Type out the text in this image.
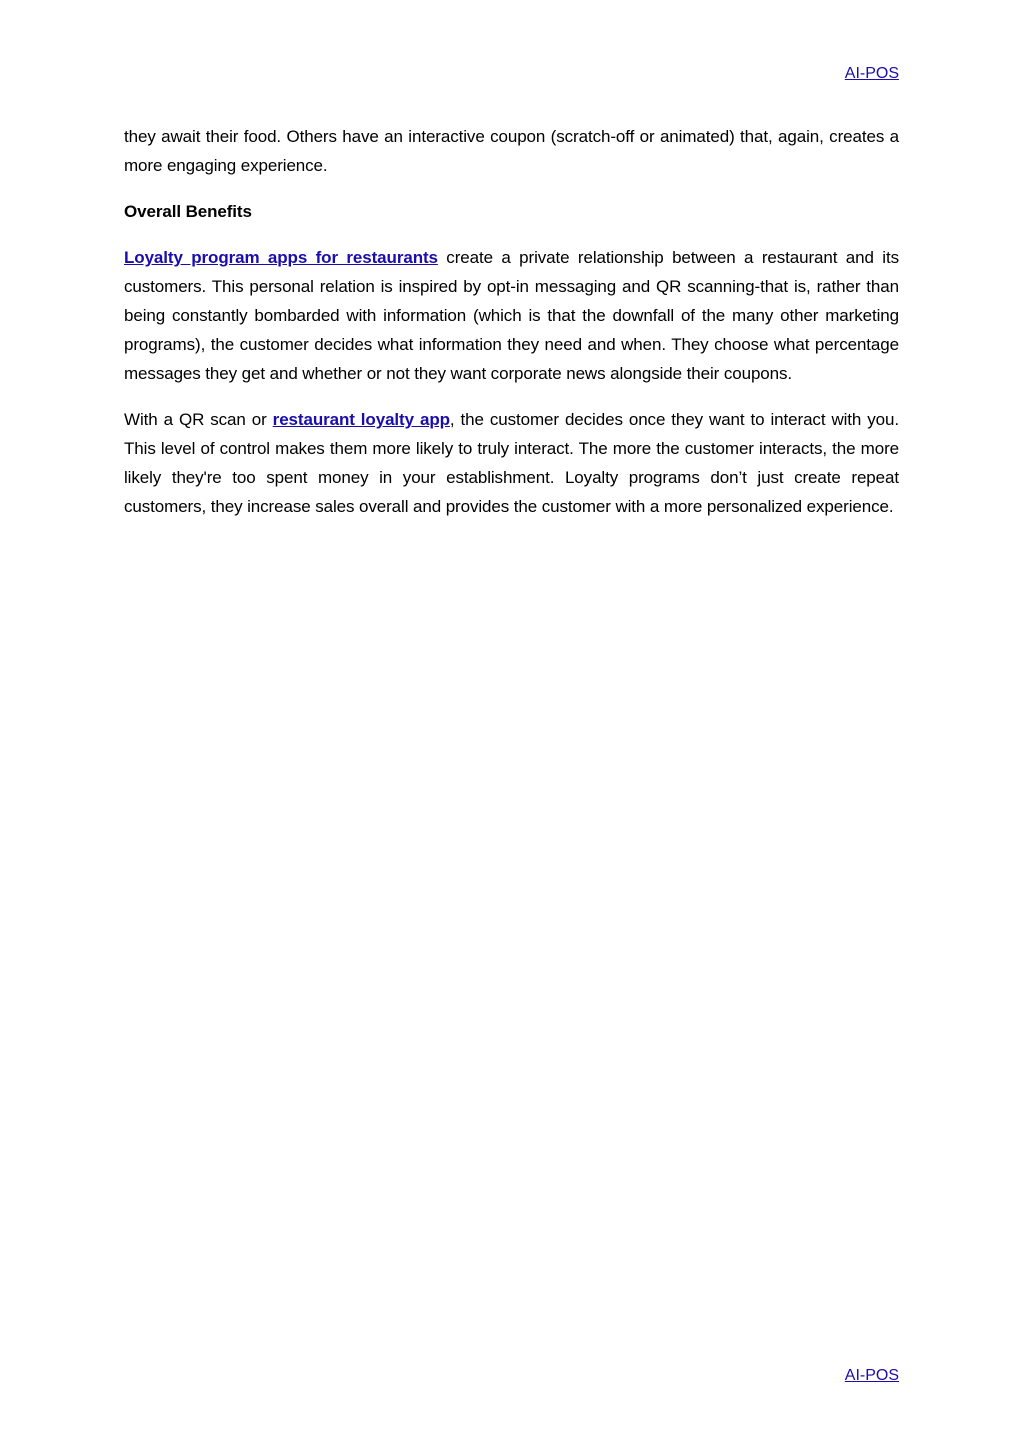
AI-POS

they await their food. Others have an interactive coupon (scratch-off or animated) that, again, creates a more engaging experience.

Overall Benefits

Loyalty program apps for restaurants create a private relationship between a restaurant and its customers. This personal relation is inspired by opt-in messaging and QR scanning-that is, rather than being constantly bombarded with information (which is that the downfall of the many other marketing programs), the customer decides what information they need and when. They choose what percentage messages they get and whether or not they want corporate news alongside their coupons.

With a QR scan or restaurant loyalty app, the customer decides once they want to interact with you. This level of control makes them more likely to truly interact. The more the customer interacts, the more likely they're too spent money in your establishment. Loyalty programs don’t just create repeat customers, they increase sales overall and provides the customer with a more personalized experience.

AI-POS
